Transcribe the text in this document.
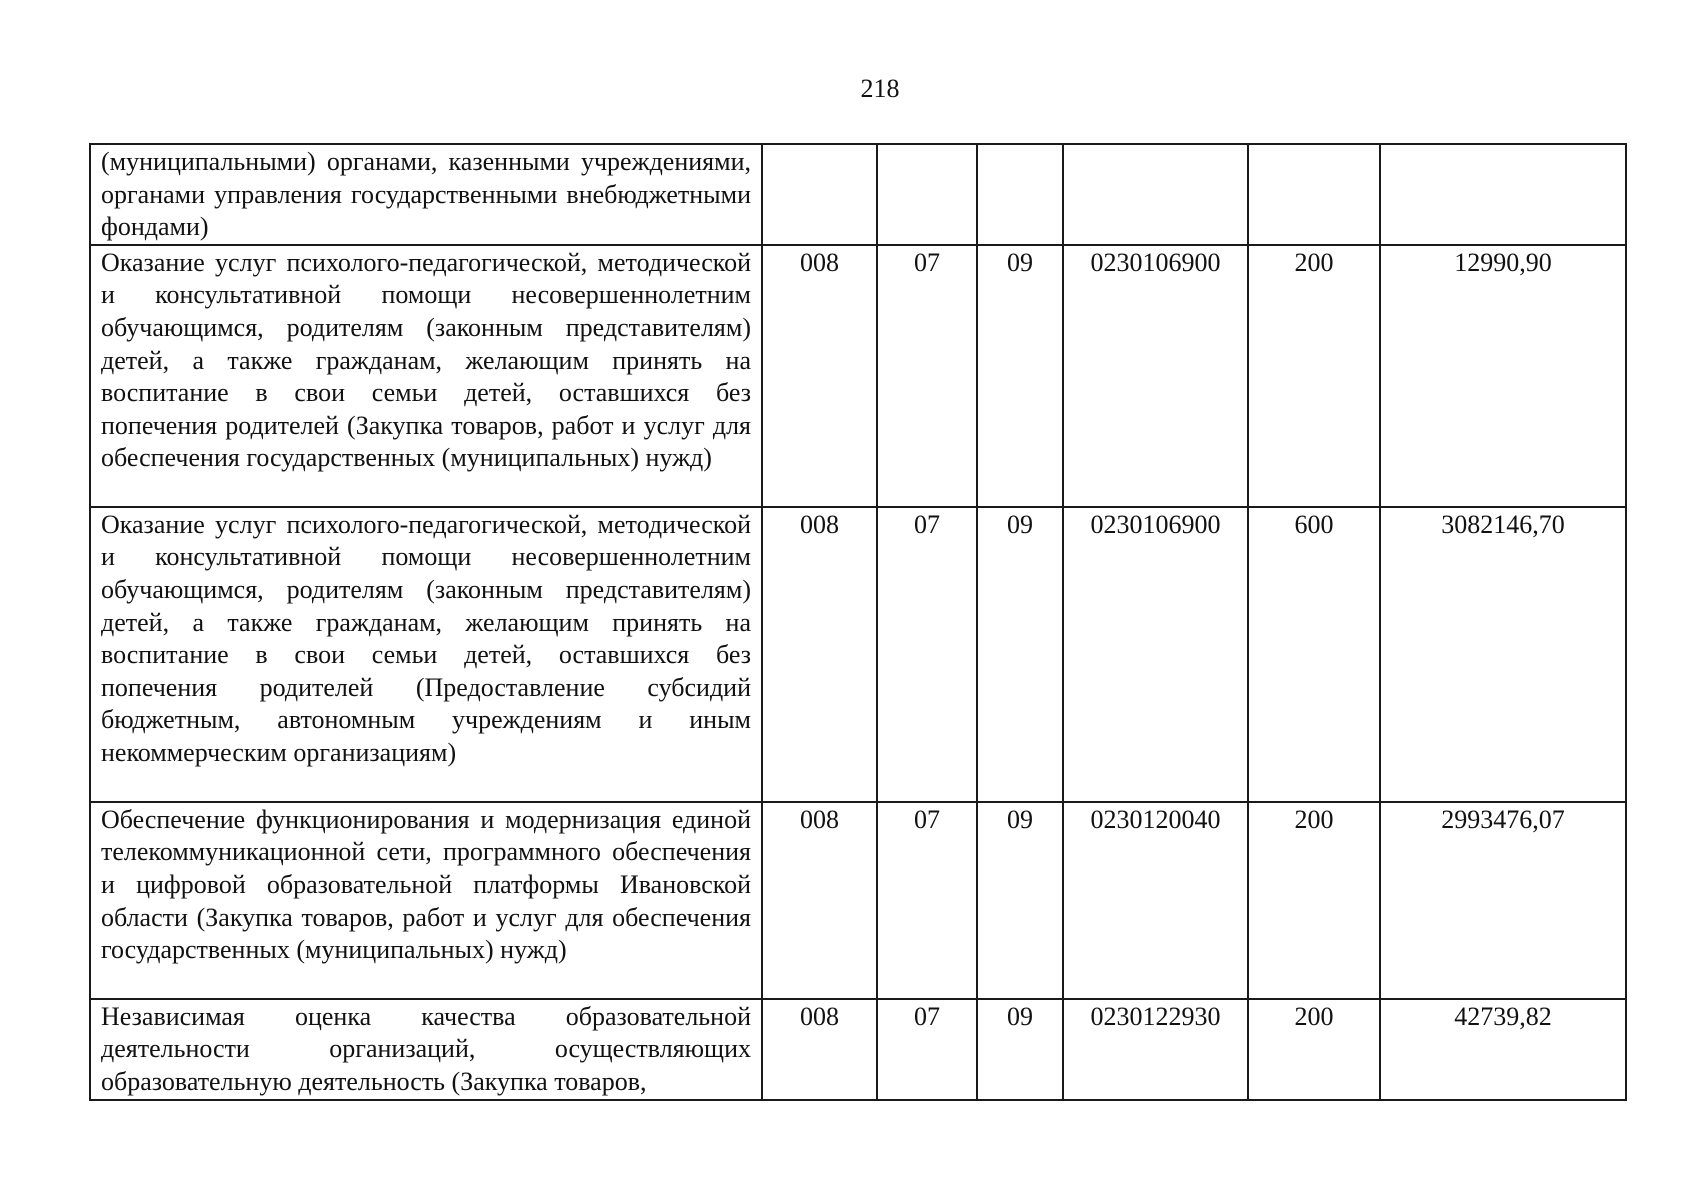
218
(муниципальными) органами, казенными учреждениями, органами управления государственными внебюджетными фондами)						
Оказание услуг психолого-педагогической, методической и консультативной помощи несовершеннолетним обучающимся, родителям (законным представителям) детей, а также гражданам, желающим принять на воспитание в свои семьи детей, оставшихся без попечения родителей (Закупка товаров, работ и услуг для обеспечения государственных (муниципальных) нужд)	008	07	09	0230106900	200	12990,90
Оказание услуг психолого-педагогической, методической и консультативной помощи несовершеннолетним обучающимся, родителям (законным представителям) детей, а также гражданам, желающим принять на воспитание в свои семьи детей, оставшихся без попечения родителей (Предоставление субсидий бюджетным, автономным учреждениям и иным некоммерческим организациям)	008	07	09	0230106900	600	3082146,70
Обеспечение функционирования и модернизация единой телекоммуникационной сети, программного обеспечения и цифровой образовательной платформы Ивановской области (Закупка товаров, работ и услуг для обеспечения государственных (муниципальных) нужд)	008	07	09	0230120040	200	2993476,07
Независимая оценка качества образовательной деятельности организаций, осуществляющих образовательную деятельность (Закупка товаров,	008	07	09	0230122930	200	42739,82
